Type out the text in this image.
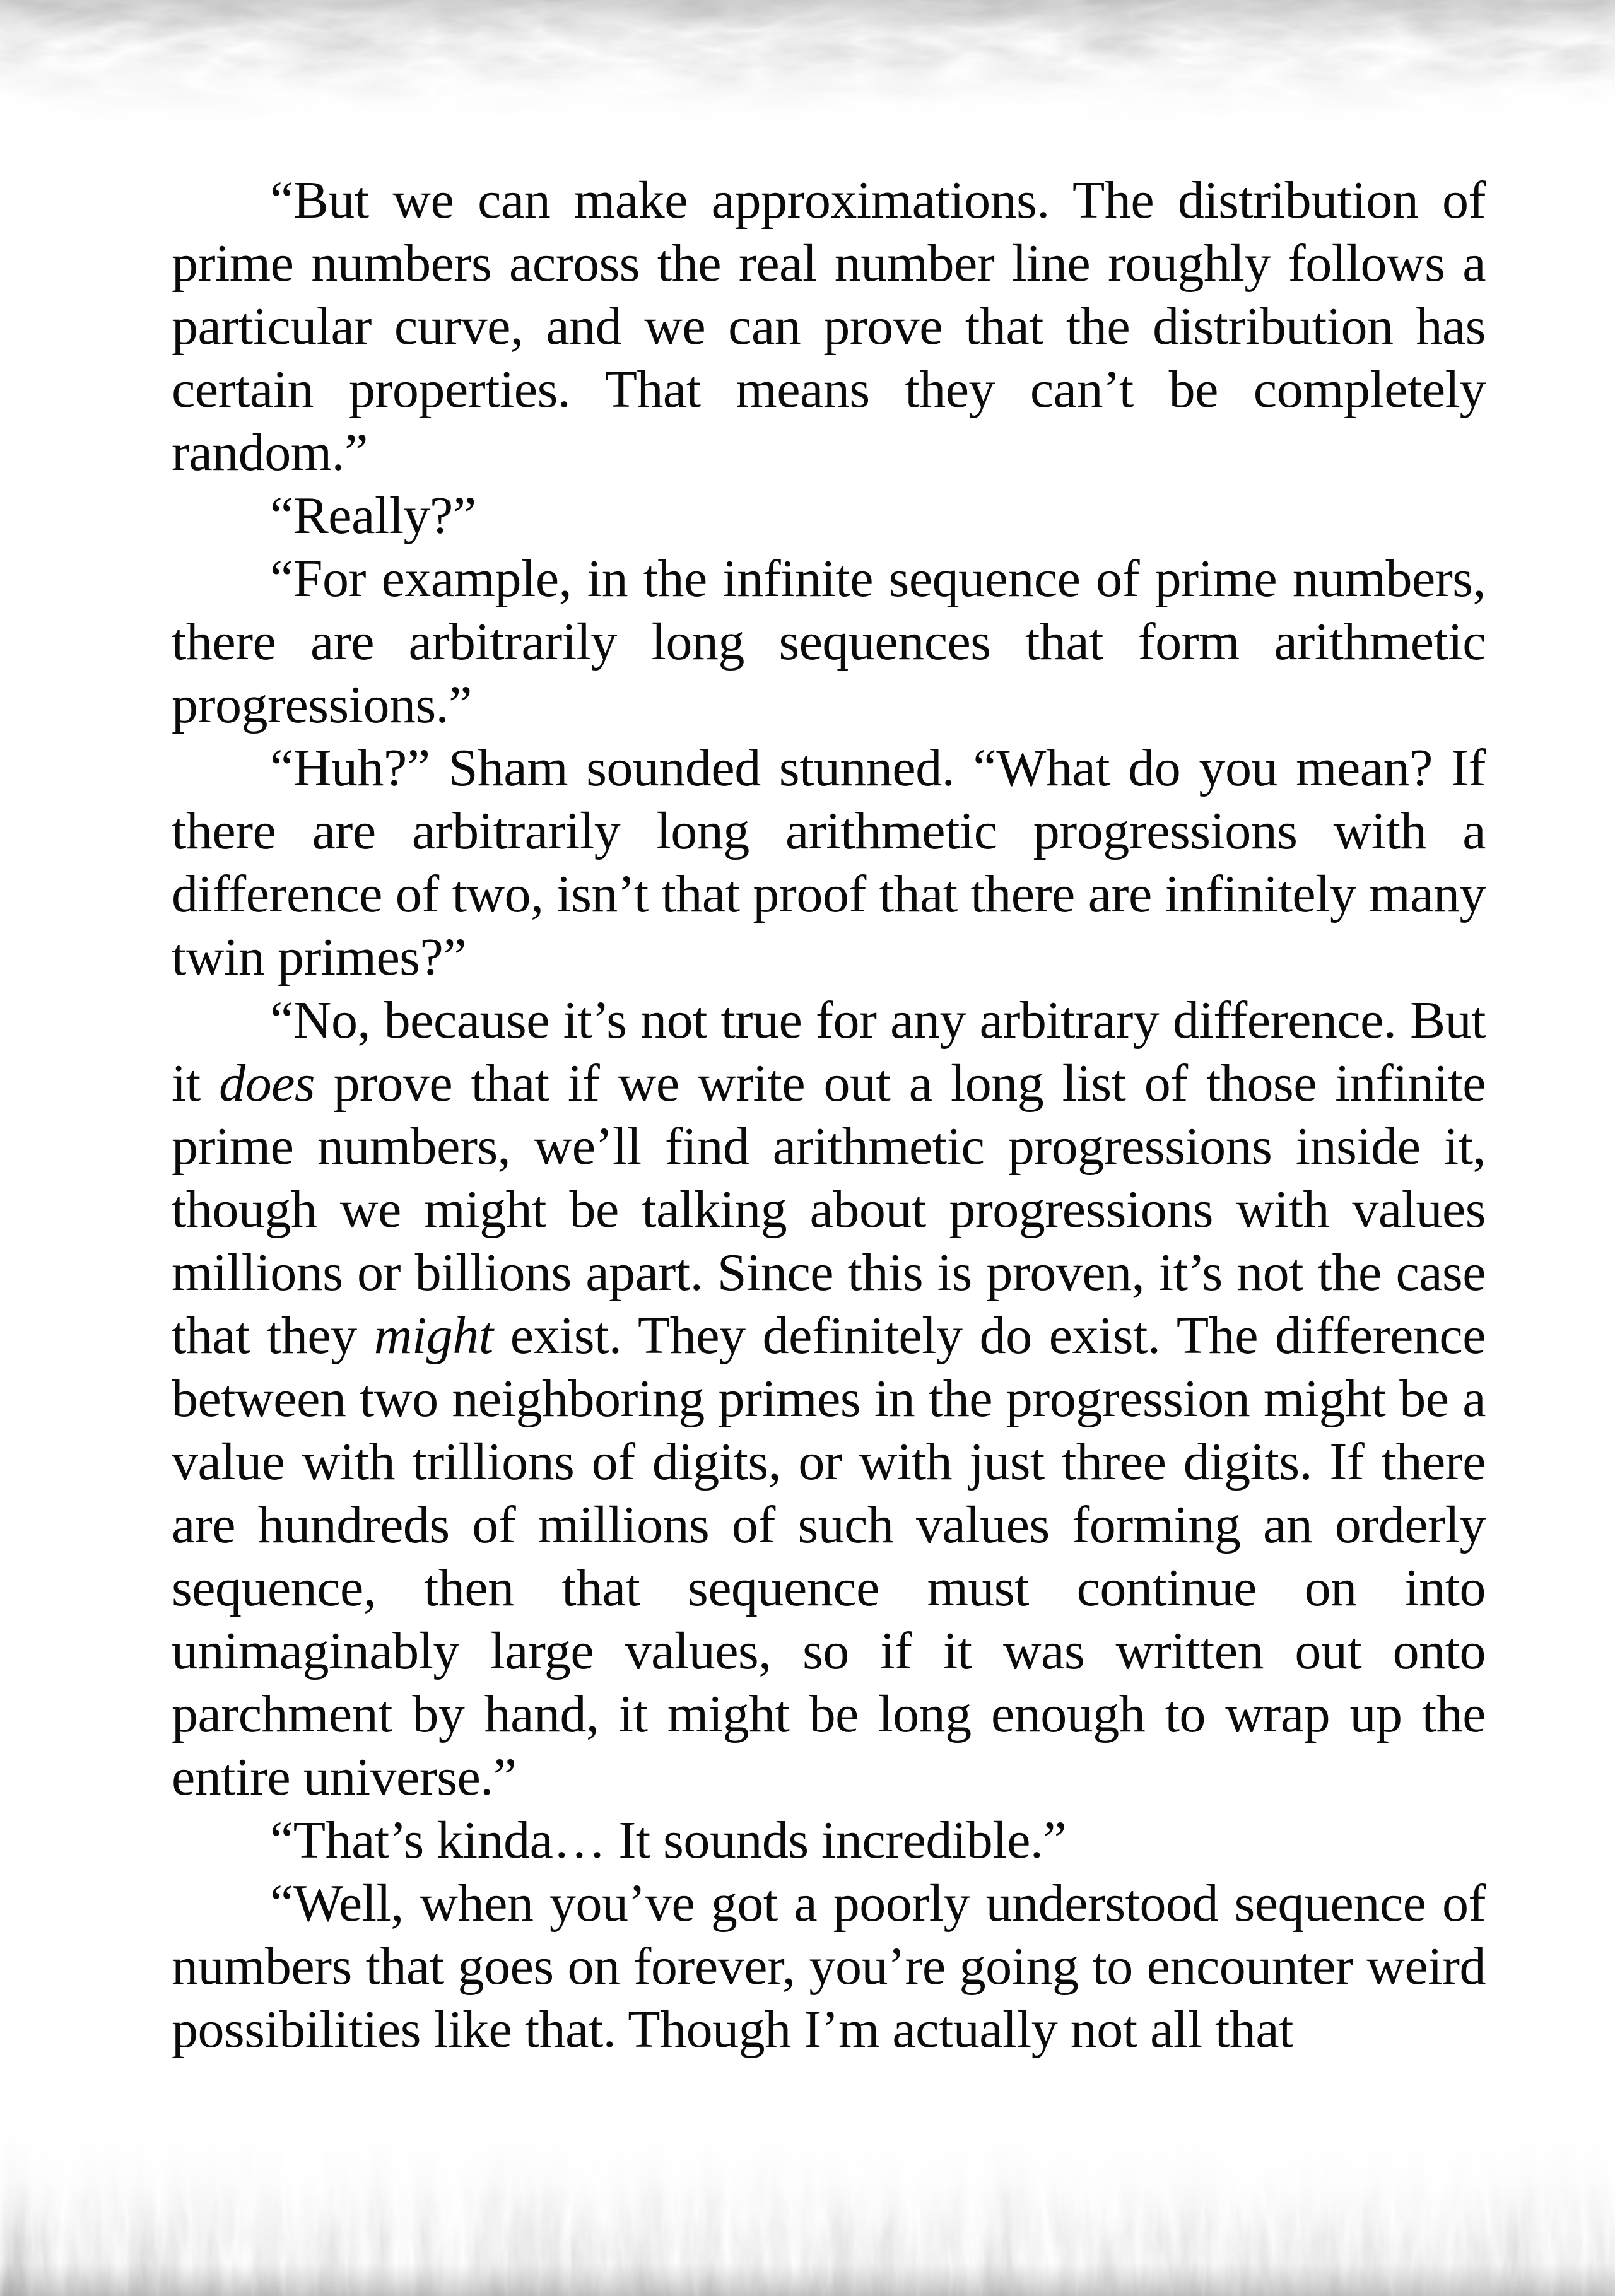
“But we can make approximations. The distribution of prime numbers across the real number line roughly follows a particular curve, and we can prove that the distribution has certain properties. That means they can’t be completely random.”

“Really?”

“For example, in the infinite sequence of prime numbers, there are arbitrarily long sequences that form arithmetic progressions.”

“Huh?” Sham sounded stunned. “What do you mean? If there are arbitrarily long arithmetic progressions with a difference of two, isn’t that proof that there are infinitely many twin primes?”

“No, because it’s not true for any arbitrary difference. But it does prove that if we write out a long list of those infinite prime numbers, we’ll find arithmetic progressions inside it, though we might be talking about progressions with values millions or billions apart. Since this is proven, it’s not the case that they might exist. They definitely do exist. The difference between two neighboring primes in the progression might be a value with trillions of digits, or with just three digits. If there are hundreds of millions of such values forming an orderly sequence, then that sequence must continue on into unimaginably large values, so if it was written out onto parchment by hand, it might be long enough to wrap up the entire universe.”

“That’s kinda… It sounds incredible.”

“Well, when you’ve got a poorly understood sequence of numbers that goes on forever, you’re going to encounter weird possibilities like that. Though I’m actually not all that
